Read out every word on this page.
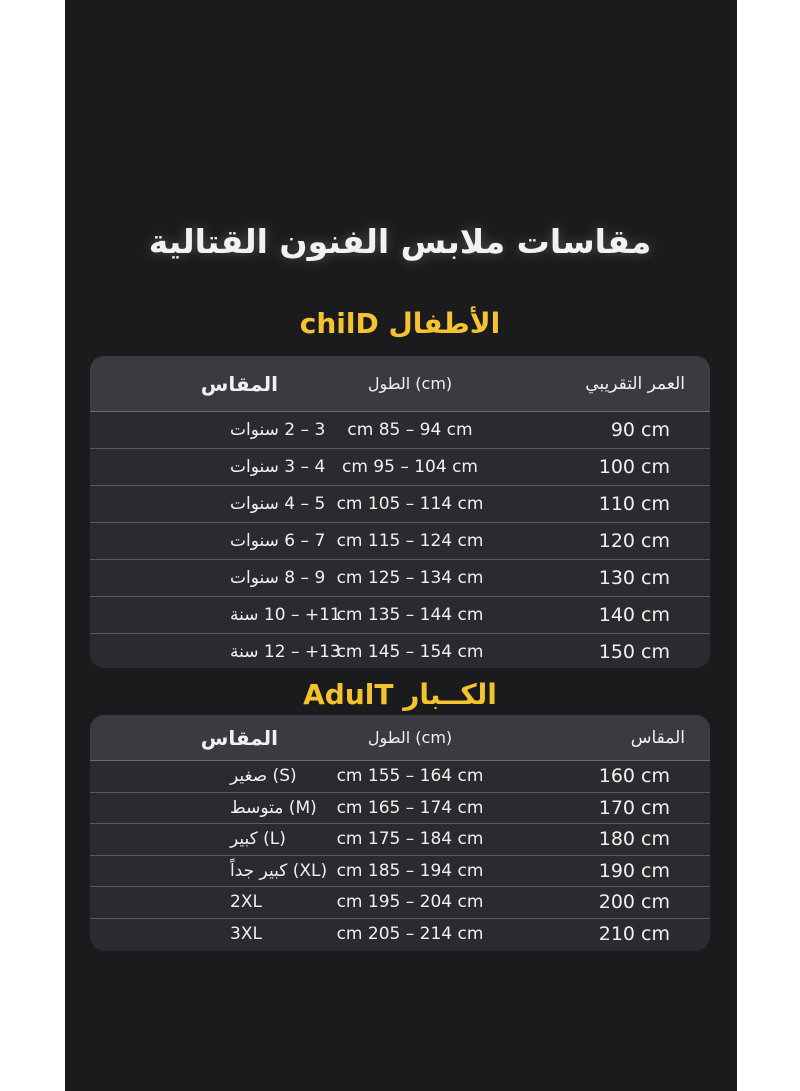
مقاسات ملابس الفنون القتالية
الأطفال chilD
العمر التقريبي
الطول (cm)
المقاس
90 cm
cm 85 – 94 cm
3 – 2 سنوات
100 cm
cm 95 – 104 cm
4 – 3 سنوات
110 cm
cm 105 – 114 cm
5 – 4 سنوات
120 cm
cm 115 – 124 cm
7 – 6 سنوات
130 cm
cm 125 – 134 cm
9 – 8 سنوات
140 cm
cm 135 – 144 cm
11+ – 10 سنة
150 cm
cm 145 – 154 cm
13+ – 12 سنة
الكــبار AdulT
المقاس
الطول (cm)
المقاس
160 cm
cm 155 – 164 cm
(S) صغير
170 cm
cm 165 – 174 cm
(M) متوسط
180 cm
cm 175 – 184 cm
(L) كبير
190 cm
cm 185 – 194 cm
(XL) كبير جداً
200 cm
cm 195 – 204 cm
2XL
210 cm
cm 205 – 214 cm
3XL
